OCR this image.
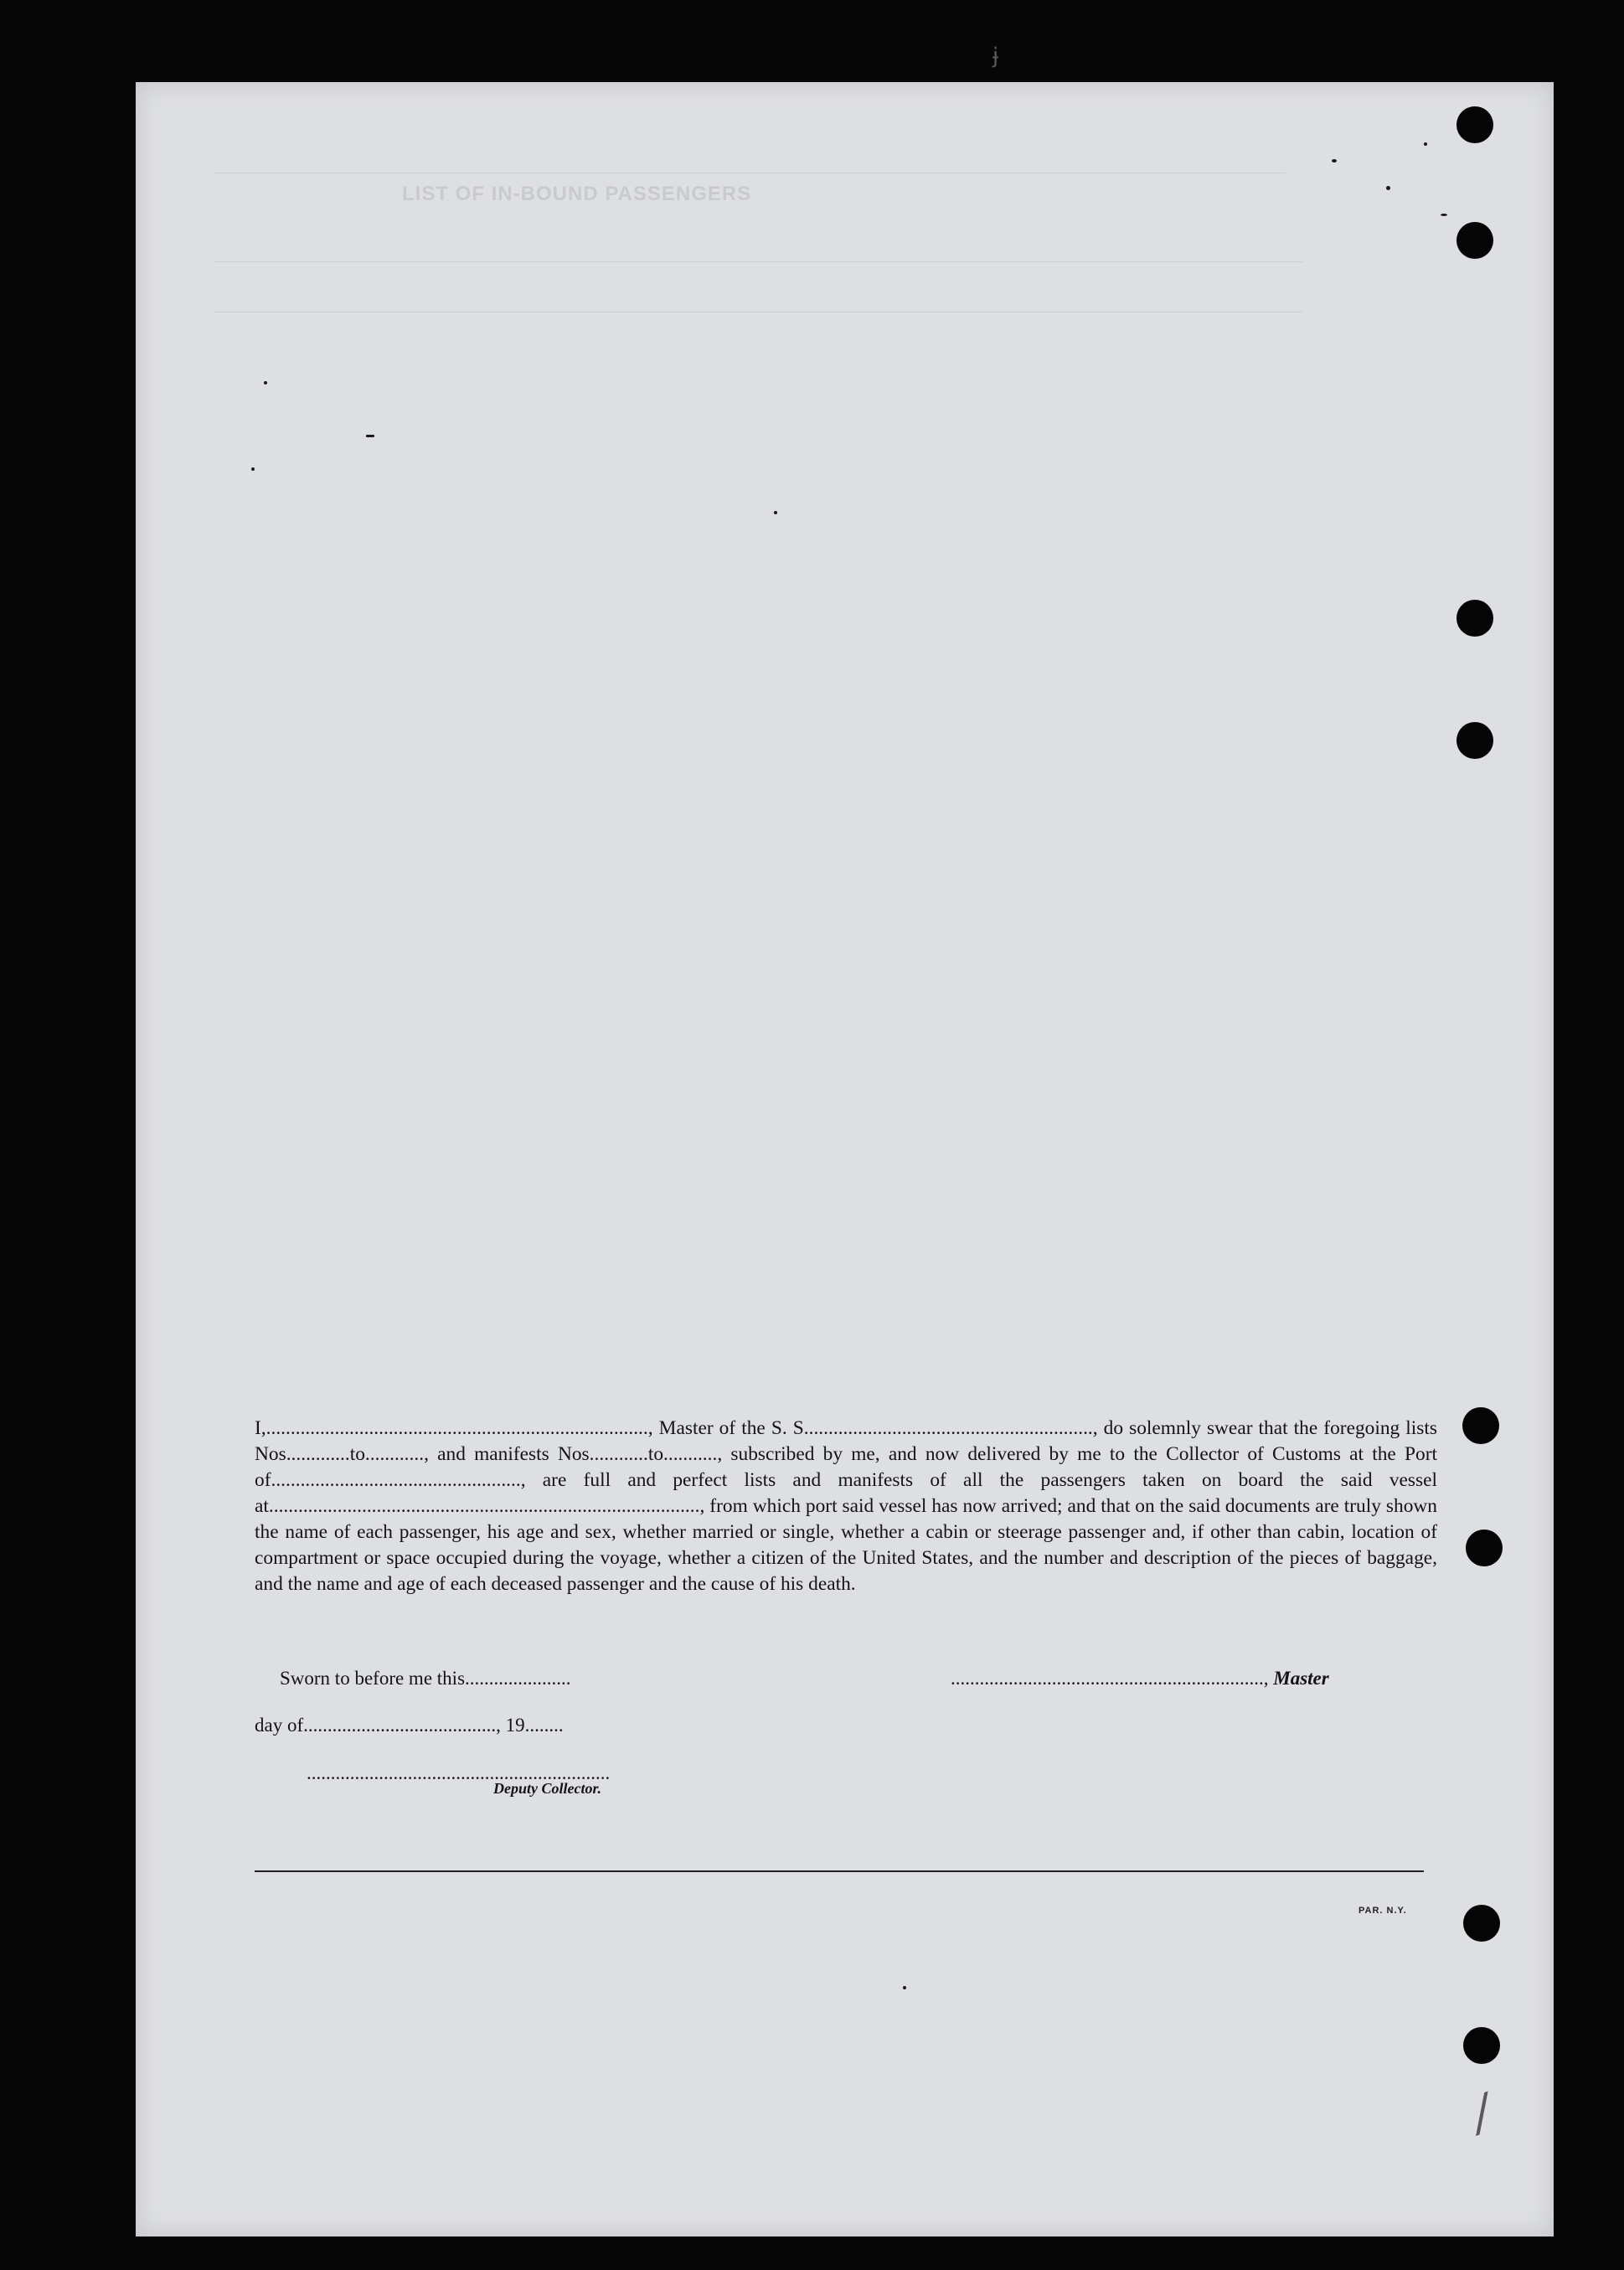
LIST OF IN-BOUND PASSENGERS
ɉ
⁄

I,.............................................................................., Master of the S. S..........................................................., do solemnly swear that the foregoing lists Nos.............to............, and manifests Nos............to..........., subscribed by me, and now delivered by me to the Collector of Customs at the Port of..................................................., are full and perfect lists and manifests of all the passengers taken on board the said vessel at........................................................................................, from which port said vessel has now arrived; and that on the said documents are truly shown the name of each passenger, his age and sex, whether married or single, whether a cabin or steerage passenger and, if other than cabin, location of compartment or space occupied during the voyage, whether a citizen of the United States, and the number and description of the pieces of baggage, and the name and age of each deceased passenger and the cause of his death.

Sworn to before me this......................	................................................................., Master
day of........................................, 19........
...............................................................
Deputy Collector.
PAR. N.Y.
